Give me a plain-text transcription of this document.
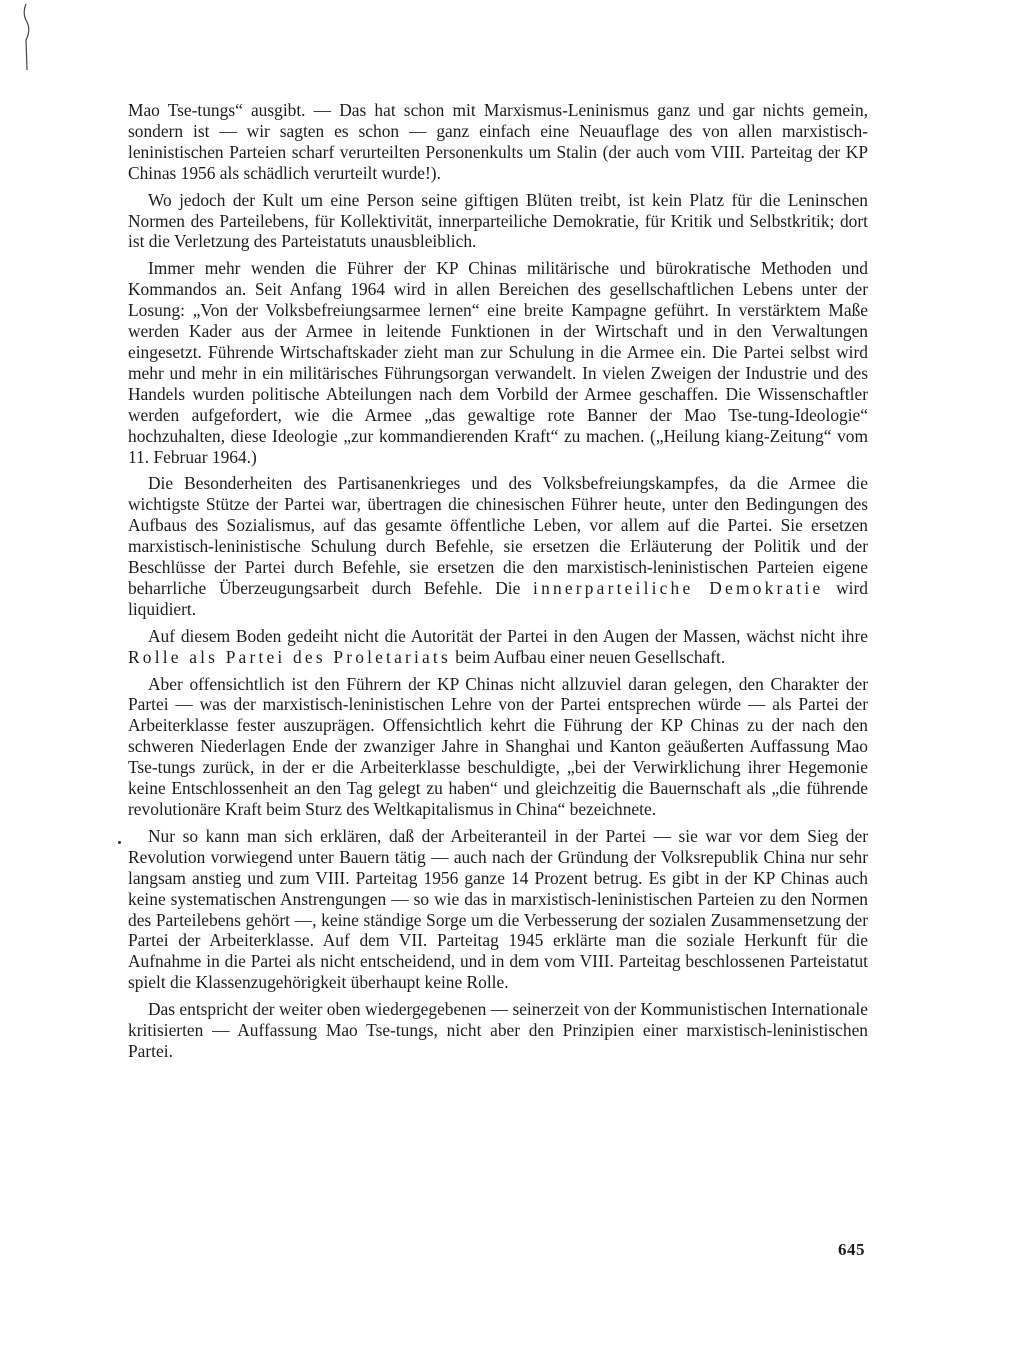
Mao Tse-tungs“ ausgibt. — Das hat schon mit Marxismus-Leninismus ganz und gar nichts gemein, sondern ist — wir sagten es schon — ganz einfach eine Neuauflage des von allen marxistisch-leninistischen Parteien scharf verurteilten Personenkults um Stalin (der auch vom VIII. Parteitag der KP Chinas 1956 als schädlich verurteilt wurde!).

Wo jedoch der Kult um eine Person seine giftigen Blüten treibt, ist kein Platz für die Leninschen Normen des Parteilebens, für Kollektivität, innerparteiliche Demokratie, für Kritik und Selbstkritik; dort ist die Verletzung des Parteistatuts unausbleiblich.

Immer mehr wenden die Führer der KP Chinas militärische und bürokratische Methoden und Kommandos an. Seit Anfang 1964 wird in allen Bereichen des gesellschaftlichen Lebens unter der Losung: „Von der Volksbefreiungsarmee lernen“ eine breite Kampagne geführt. In verstärktem Maße werden Kader aus der Armee in leitende Funktionen in der Wirtschaft und in den Verwaltungen eingesetzt. Führende Wirtschaftskader zieht man zur Schulung in die Armee ein. Die Partei selbst wird mehr und mehr in ein militärisches Führungsorgan verwandelt. In vielen Zweigen der Industrie und des Handels wurden politische Abteilungen nach dem Vorbild der Armee geschaffen. Die Wissenschaftler werden aufgefordert, wie die Armee „das gewaltige rote Banner der Mao Tse-tung-Ideologie“ hochzuhalten, diese Ideologie „zur kommandierenden Kraft“ zu machen. („Heilung kiang-Zeitung“ vom 11. Februar 1964.)

Die Besonderheiten des Partisanenkrieges und des Volksbefreiungskampfes, da die Armee die wichtigste Stütze der Partei war, übertragen die chinesischen Führer heute, unter den Bedingungen des Aufbaus des Sozialismus, auf das gesamte öffentliche Leben, vor allem auf die Partei. Sie ersetzen marxistisch-leninistische Schulung durch Befehle, sie ersetzen die Erläuterung der Politik und der Beschlüsse der Partei durch Befehle, sie ersetzen die den marxistisch-leninistischen Parteien eigene beharrliche Überzeugungsarbeit durch Befehle. Die innerparteiliche Demokratie wird liquidiert.

Auf diesem Boden gedeiht nicht die Autorität der Partei in den Augen der Massen, wächst nicht ihre Rolle als Partei des Proletariats beim Aufbau einer neuen Gesellschaft.

Aber offensichtlich ist den Führern der KP Chinas nicht allzuviel daran gelegen, den Charakter der Partei — was der marxistisch-leninistischen Lehre von der Partei entsprechen würde — als Partei der Arbeiterklasse fester auszuprägen. Offensichtlich kehrt die Führung der KP Chinas zu der nach den schweren Niederlagen Ende der zwanziger Jahre in Shanghai und Kanton geäußerten Auffassung Mao Tse-tungs zurück, in der er die Arbeiterklasse beschuldigte, „bei der Verwirklichung ihrer Hegemonie keine Entschlossenheit an den Tag gelegt zu haben“ und gleichzeitig die Bauernschaft als „die führende revolutionäre Kraft beim Sturz des Weltkapitalismus in China“ bezeichnete.

Nur so kann man sich erklären, daß der Arbeiteranteil in der Partei — sie war vor dem Sieg der Revolution vorwiegend unter Bauern tätig — auch nach der Gründung der Volksrepublik China nur sehr langsam anstieg und zum VIII. Parteitag 1956 ganze 14 Prozent betrug. Es gibt in der KP Chinas auch keine systematischen Anstrengungen — so wie das in marxistisch-leninistischen Parteien zu den Normen des Parteilebens gehört —, keine ständige Sorge um die Verbesserung der sozialen Zusammensetzung der Partei der Arbeiterklasse. Auf dem VII. Parteitag 1945 erklärte man die soziale Herkunft für die Aufnahme in die Partei als nicht entscheidend, und in dem vom VIII. Parteitag beschlossenen Parteistatut spielt die Klassenzugehörigkeit überhaupt keine Rolle.

Das entspricht der weiter oben wiedergegebenen — seinerzeit von der Kommunistischen Internationale kritisierten — Auffassung Mao Tse-tungs, nicht aber den Prinzipien einer marxistisch-leninistischen Partei.

645
